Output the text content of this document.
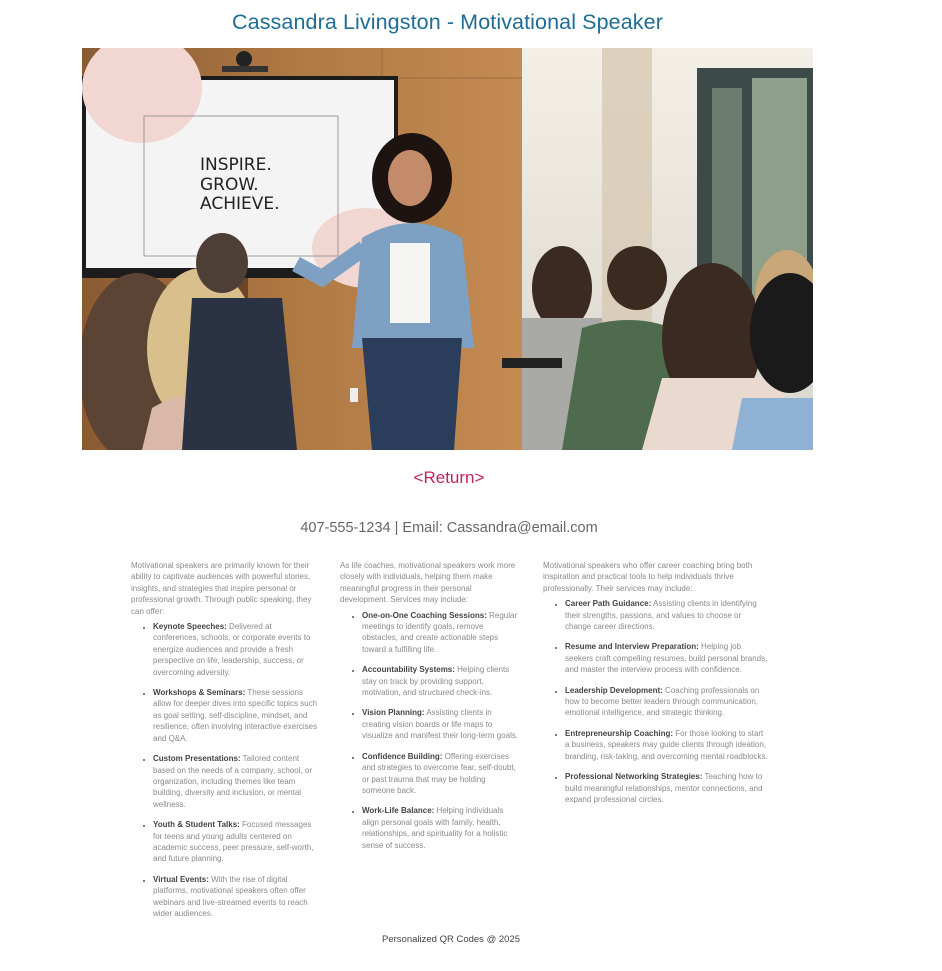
Cassandra Livingston - Motivational Speaker
INSPIRE.
GROW.
ACHIEVE.
<Return>
407-555-1234 | Email: Cassandra@email.com

Motivational speakers are primarily known for their ability to captivate audiences with powerful stories, insights, and strategies that inspire personal or professional growth. Through public speaking, they can offer:

• Keynote Speeches: Delivered at conferences, schools, or corporate events to energize audiences and provide a fresh perspective on life, leadership, success, or overcoming adversity.
• Workshops & Seminars: These sessions allow for deeper dives into specific topics such as goal setting, self-discipline, mindset, and resilience, often involving interactive exercises and Q&A.
• Custom Presentations: Tailored content based on the needs of a company, school, or organization, including themes like team building, diversity and inclusion, or mental wellness.
• Youth & Student Talks: Focused messages for teens and young adults centered on academic success, peer pressure, self-worth, and future planning.
• Virtual Events: With the rise of digital platforms, motivational speakers often offer webinars and live-streamed events to reach wider audiences.

As life coaches, motivational speakers work more closely with individuals, helping them make meaningful progress in their personal development. Services may include:

• One-on-One Coaching Sessions: Regular meetings to identify goals, remove obstacles, and create actionable steps toward a fulfilling life.
• Accountability Systems: Helping clients stay on track by providing support, motivation, and structured check-ins.
• Vision Planning: Assisting clients in creating vision boards or life maps to visualize and manifest their long-term goals.
• Confidence Building: Offering exercises and strategies to overcome fear, self-doubt, or past trauma that may be holding someone back.
• Work-Life Balance: Helping individuals align personal goals with family, health, relationships, and spirituality for a holistic sense of success.

Motivational speakers who offer career coaching bring both inspiration and practical tools to help individuals thrive professionally. Their services may include:

• Career Path Guidance: Assisting clients in identifying their strengths, passions, and values to choose or change career directions.
• Resume and Interview Preparation: Helping job seekers craft compelling resumes, build personal brands, and master the interview process with confidence.
• Leadership Development: Coaching professionals on how to become better leaders through communication, emotional intelligence, and strategic thinking.
• Entrepreneurship Coaching: For those looking to start a business, speakers may guide clients through ideation, branding, risk-taking, and overcoming mental roadblocks.
• Professional Networking Strategies: Teaching how to build meaningful relationships, mentor connections, and expand professional circles.
Personalized QR Codes @ 2025
